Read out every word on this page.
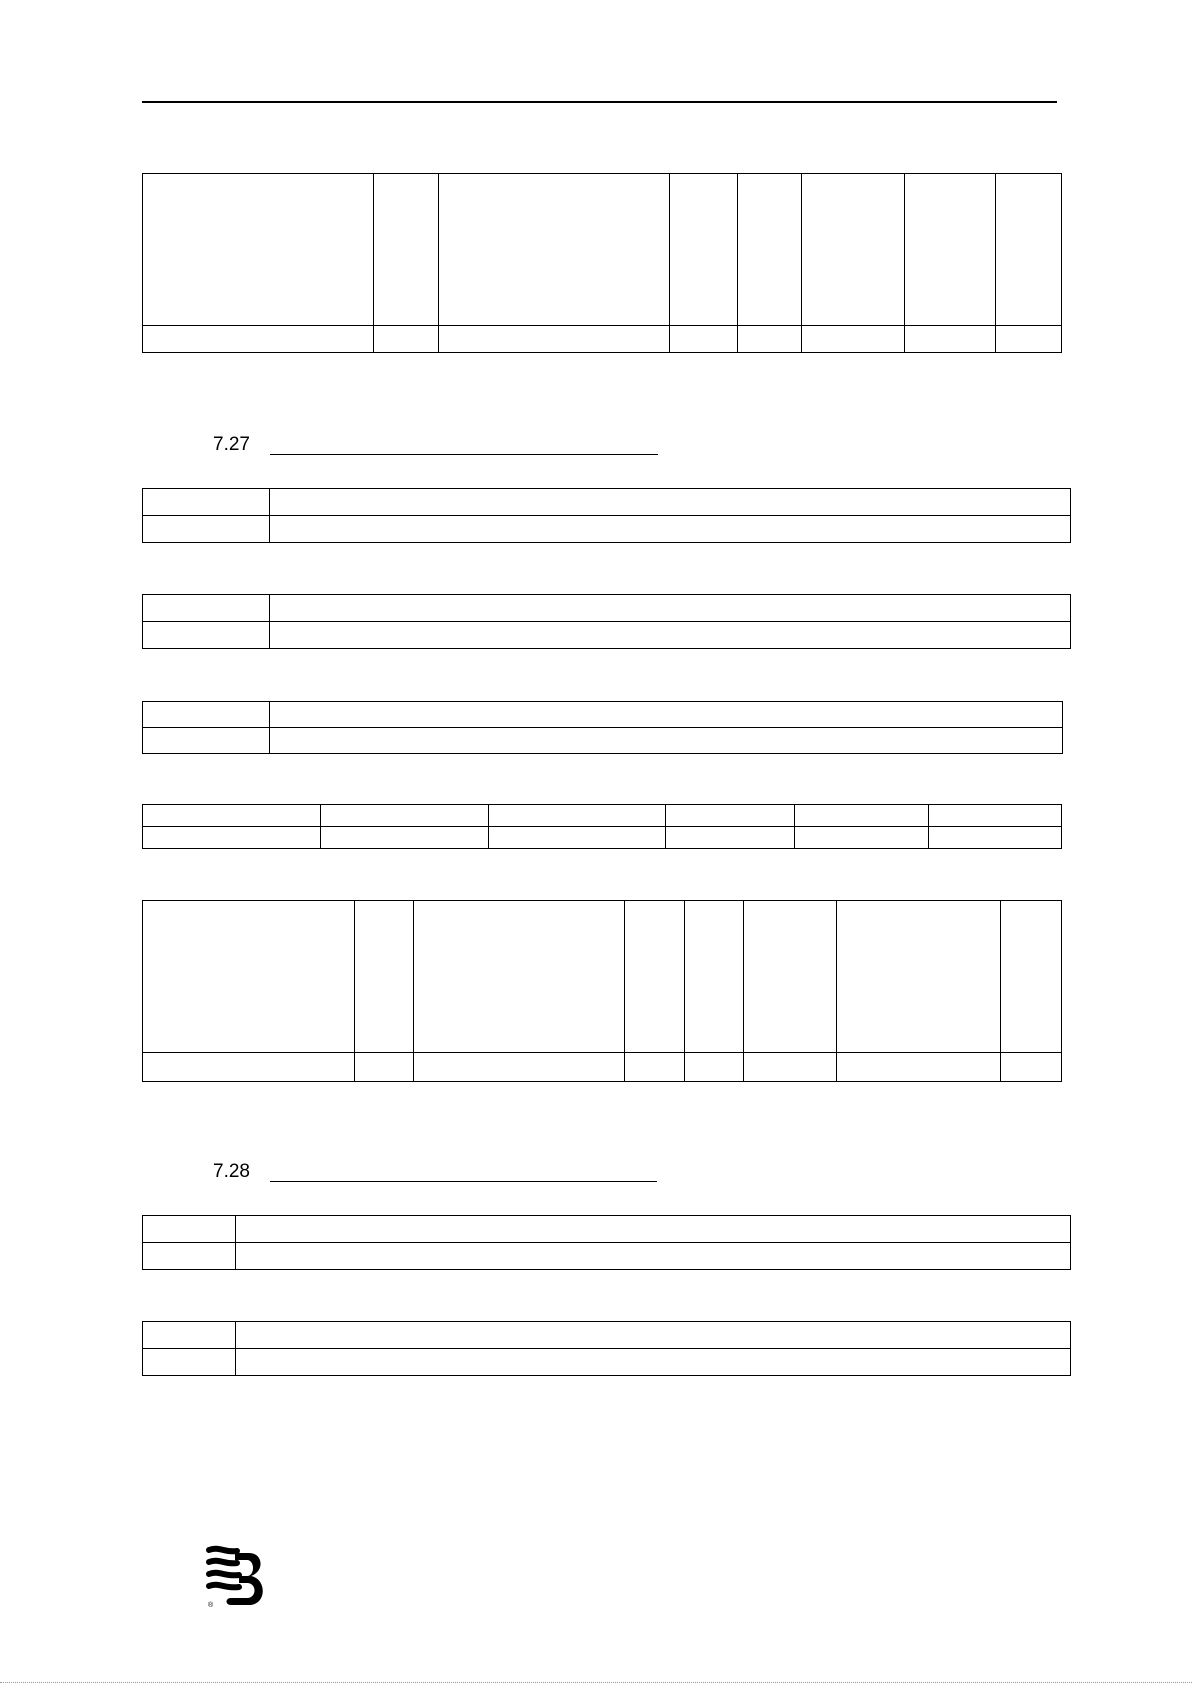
7.27

7.28

®
